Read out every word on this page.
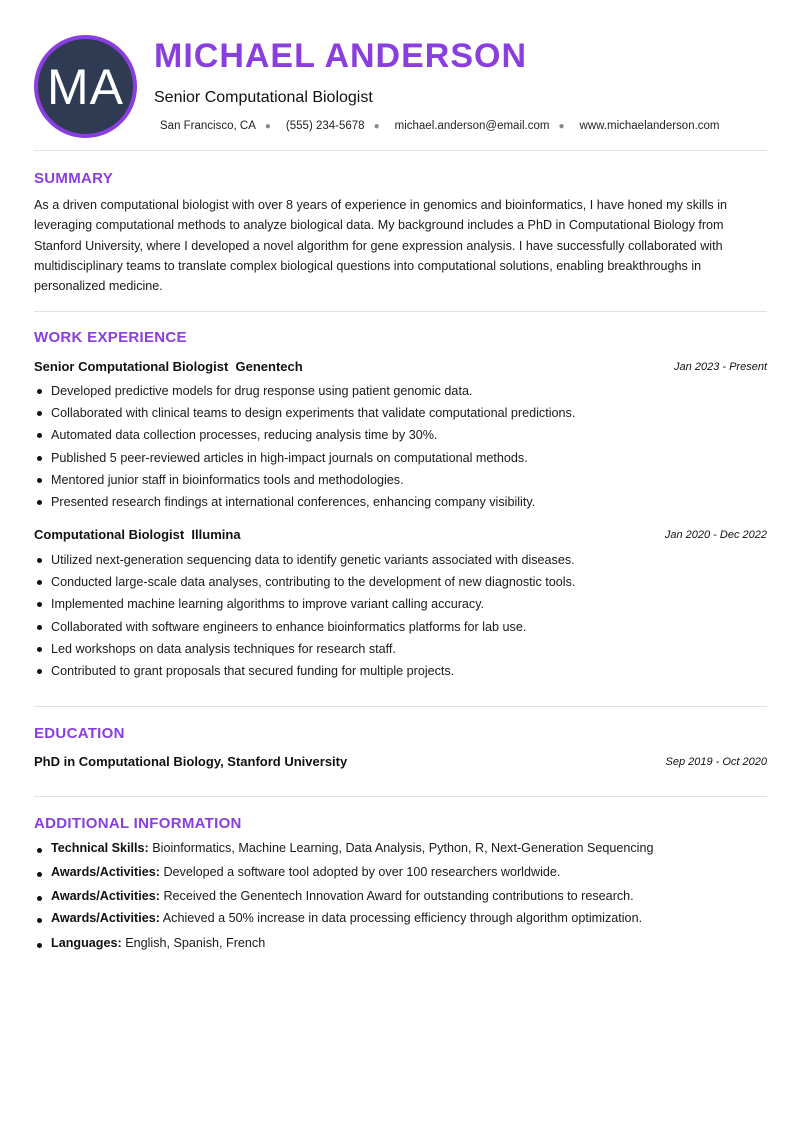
MA
MICHAEL ANDERSON
Senior Computational Biologist
San Francisco, CA ● (555) 234-5678 ● michael.anderson@email.com ● www.michaelanderson.com
SUMMARY
As a driven computational biologist with over 8 years of experience in genomics and bioinformatics, I have honed my skills in leveraging computational methods to analyze biological data. My background includes a PhD in Computational Biology from Stanford University, where I developed a novel algorithm for gene expression analysis. I have successfully collaborated with multidisciplinary teams to translate complex biological questions into computational solutions, enabling breakthroughs in personalized medicine.
WORK EXPERIENCE
Senior Computational Biologist  Genentech	Jan 2023 - Present
Developed predictive models for drug response using patient genomic data.
Collaborated with clinical teams to design experiments that validate computational predictions.
Automated data collection processes, reducing analysis time by 30%.
Published 5 peer-reviewed articles in high-impact journals on computational methods.
Mentored junior staff in bioinformatics tools and methodologies.
Presented research findings at international conferences, enhancing company visibility.
Computational Biologist  Illumina	Jan 2020 - Dec 2022
Utilized next-generation sequencing data to identify genetic variants associated with diseases.
Conducted large-scale data analyses, contributing to the development of new diagnostic tools.
Implemented machine learning algorithms to improve variant calling accuracy.
Collaborated with software engineers to enhance bioinformatics platforms for lab use.
Led workshops on data analysis techniques for research staff.
Contributed to grant proposals that secured funding for multiple projects.
EDUCATION
PhD in Computational Biology, Stanford University	Sep 2019 - Oct 2020
ADDITIONAL INFORMATION
Technical Skills: Bioinformatics, Machine Learning, Data Analysis, Python, R, Next-Generation Sequencing
Awards/Activities: Developed a software tool adopted by over 100 researchers worldwide.
Awards/Activities: Received the Genentech Innovation Award for outstanding contributions to research.
Awards/Activities: Achieved a 50% increase in data processing efficiency through algorithm optimization.
Languages: English, Spanish, French
